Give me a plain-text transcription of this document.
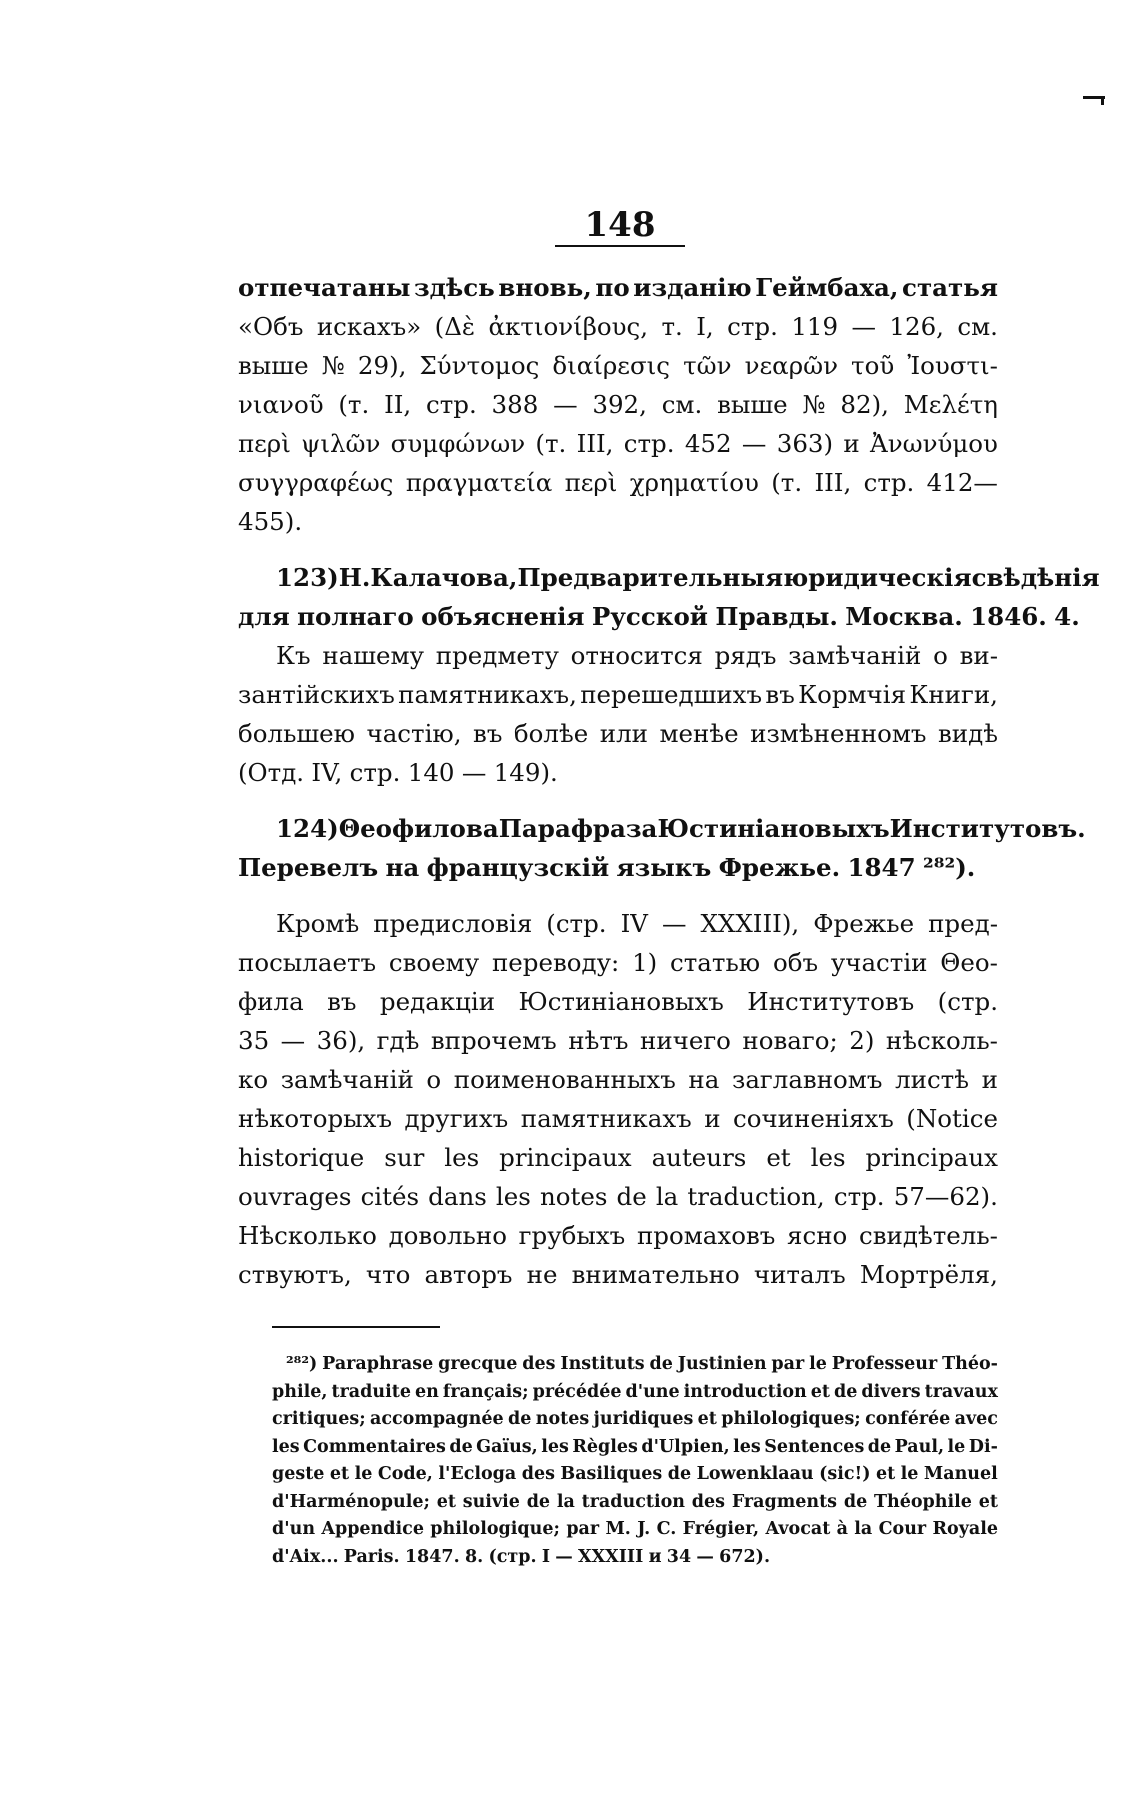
148
отпечатаны здѣсь вновь, по изданію Геймбаха, статья
«Объ искахъ» (Δὲ ἀκτιονίβους, т. I, стр. 119 — 126, см.
выше № 29), Σύντομος διαίρεσις τῶν νεαρῶν τοῦ Ἰουστι-
νιανοῦ (т. II, стр. 388 — 392, см. выше № 82), Μελέτη
περὶ ψιλῶν συμφώνων (т. III, стр. 452 — 363) и Ἀνωνύμου
συγγραφέως πραγματεία περὶ χρηματίου (т. III, стр. 412—
455).
123) Н. Калачова, Предварительныя юридическія свѣдѣнія
для полнаго объясненія Русской Правды. Москва. 1846. 4.
Къ нашему предмету относится рядъ замѣчаній о ви-
зантійскихъ памятникахъ, перешедшихъ въ Кормчія Книги,
большею частію, въ болѣе или менѣе измѣненномъ видѣ
(Отд. IV, стр. 140 — 149).
124) Θеофилова Парафраза Юстиніановыхъ Институтовъ.
Перевелъ на французскій языкъ Фрежье. 1847 ²⁸²).
Кромѣ предисловія (стр. IV — XXXIII), Фрежье пред-
посылаетъ своему переводу: 1) статью объ участіи Θео-
фила въ редакціи Юстиніановыхъ Институтовъ (стр.
35 — 36), гдѣ впрочемъ нѣтъ ничего новаго; 2) нѣсколь-
ко замѣчаній о поименованныхъ на заглавномъ листѣ и
нѣкоторыхъ другихъ памятникахъ и сочиненіяхъ (Notice
historique sur les principaux auteurs et les principaux
ouvrages cités dans les notes de la traduction, стр. 57—62).
Нѣсколько довольно грубыхъ промаховъ ясно свидѣтель-
ствуютъ, что авторъ не внимательно читалъ Мортрёля,
²⁸²) Paraphrase grecque des Instituts de Justinien par le Professeur Théo-
phile, traduite en français; précédée d'une introduction et de divers travaux
critiques; accompagnée de notes juridiques et philologiques; conférée avec
les Commentaires de Gaïus, les Règles d'Ulpien, les Sentences de Paul, le Di-
geste et le Code, l'Ecloga des Basiliques de Lowenklaau (sic!) et le Manuel
d'Harménopule; et suivie de la traduction des Fragments de Théophile et
d'un Appendice philologique; par M. J. C. Frégier, Avocat à la Cour Royale
d'Aix... Paris. 1847. 8. (стр. I — XXXIII и 34 — 672).
